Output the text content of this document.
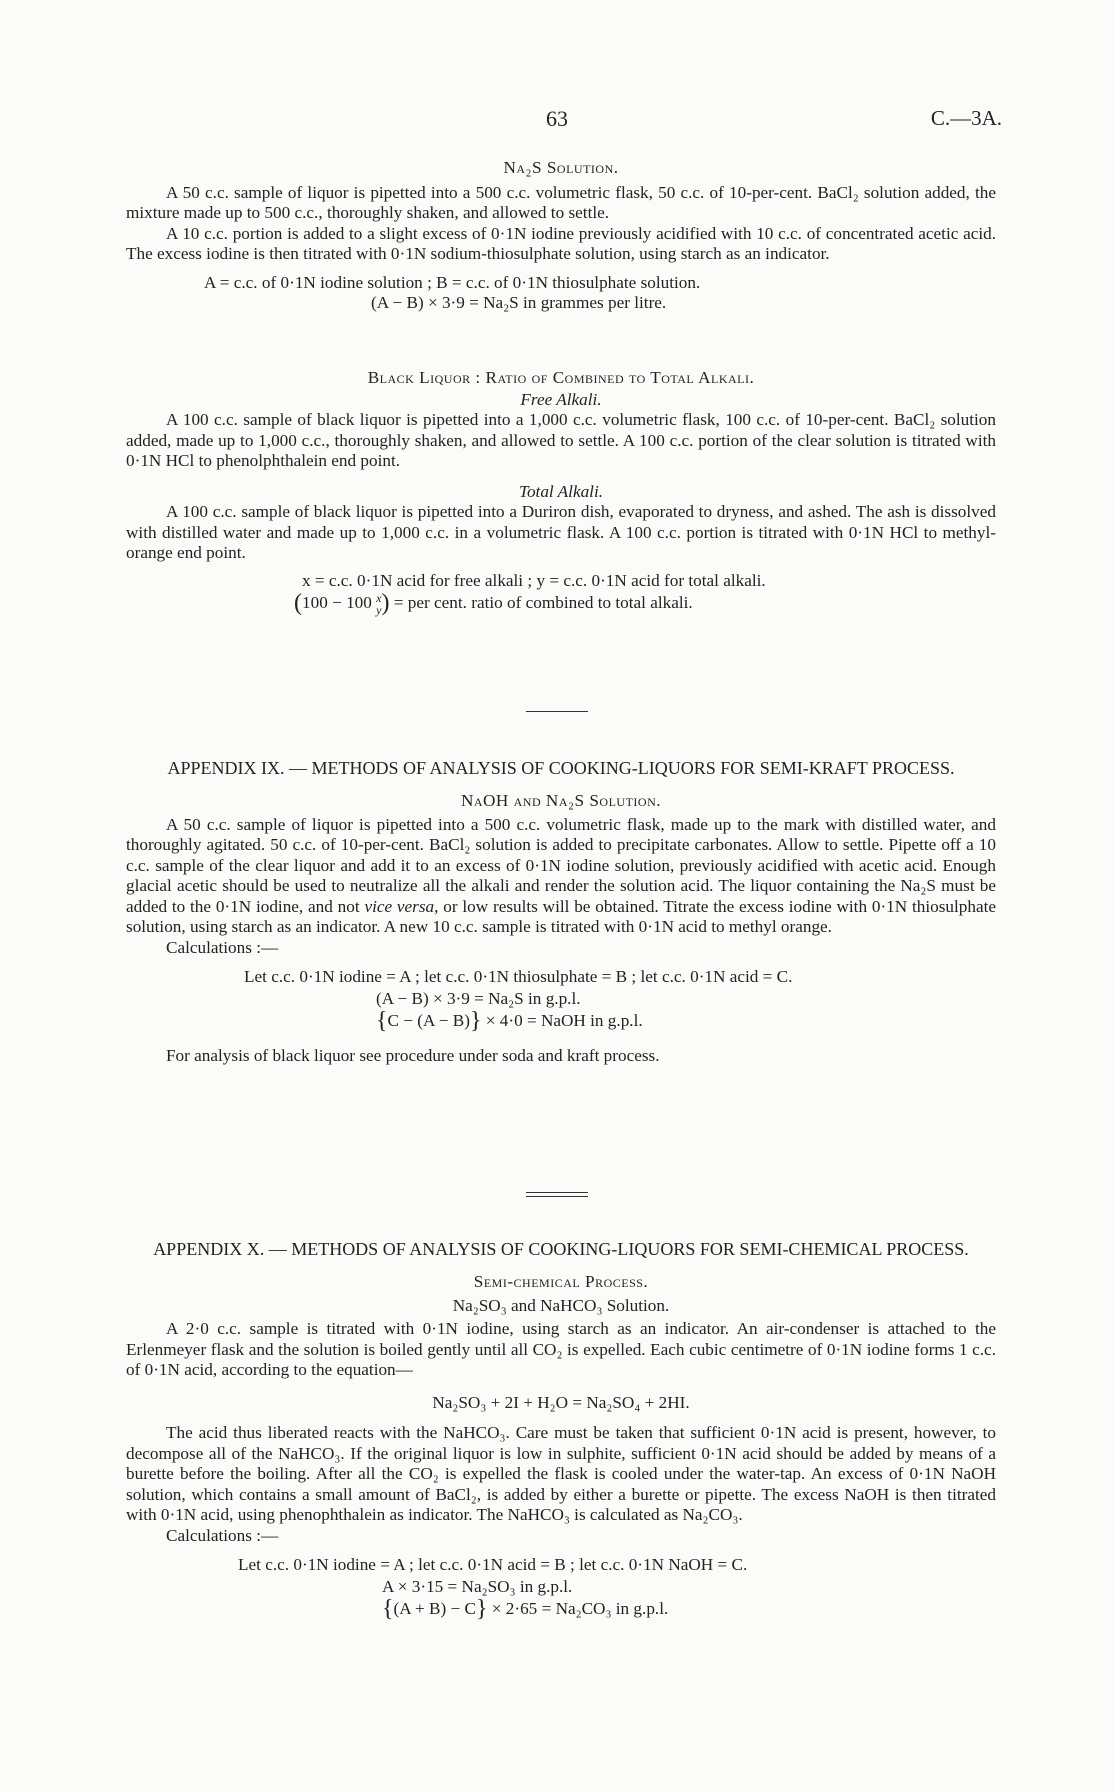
63	C.—3A.

Na₂S Solution.

A 50 c.c. sample of liquor is pipetted into a 500 c.c. volumetric flask, 50 c.c. of 10-per-cent. BaCl₂ solution added, the mixture made up to 500 c.c., thoroughly shaken, and allowed to settle.

A 10 c.c. portion is added to a slight excess of 0·1N iodine previously acidified with 10 c.c. of concentrated acetic acid. The excess iodine is then titrated with 0·1N sodium-thiosulphate solution, using starch as an indicator.

A = c.c. of 0·1N iodine solution ; B = c.c. of 0·1N thiosulphate solution.

(A − B) × 3·9 = Na₂S in grammes per litre.

Black Liquor : Ratio of Combined to Total Alkali.

Free Alkali.

A 100 c.c. sample of black liquor is pipetted into a 1,000 c.c. volumetric flask, 100 c.c. of 10-per-cent. BaCl₂ solution added, made up to 1,000 c.c., thoroughly shaken, and allowed to settle. A 100 c.c. portion of the clear solution is titrated with 0·1N HCl to phenolphthalein end point.

Total Alkali.

A 100 c.c. sample of black liquor is pipetted into a Duriron dish, evaporated to dryness, and ashed. The ash is dissolved with distilled water and made up to 1,000 c.c. in a volumetric flask. A 100 c.c. portion is titrated with 0·1N HCl to methyl-orange end point.

x = c.c. 0·1N acid for free alkali ; y = c.c. 0·1N acid for total alkali.

(100 − 100 x
y ) = per cent. ratio of combined to total alkali.

APPENDIX IX. — METHODS OF ANALYSIS OF COOKING-LIQUORS FOR SEMI-KRAFT PROCESS.

NaOH and Na₂S Solution.

A 50 c.c. sample of liquor is pipetted into a 500 c.c. volumetric flask, made up to the mark with distilled water, and thoroughly agitated. 50 c.c. of 10-per-cent. BaCl₂ solution is added to precipitate carbonates. Allow to settle. Pipette off a 10 c.c. sample of the clear liquor and add it to an excess of 0·1N iodine solution, previously acidified with acetic acid. Enough glacial acetic should be used to neutralize all the alkali and render the solution acid. The liquor containing the Na₂S must be added to the 0·1N iodine, and not vice versa, or low results will be obtained. Titrate the excess iodine with 0·1N thiosulphate solution, using starch as an indicator. A new 10 c.c. sample is titrated with 0·1N acid to methyl orange.

Calculations :—

Let c.c. 0·1N iodine = A ; let c.c. 0·1N thiosulphate = B ; let c.c. 0·1N acid = C.

(A − B) × 3·9 = Na₂S in g.p.l.

{C − (A − B)} × 4·0 = NaOH in g.p.l.

For analysis of black liquor see procedure under soda and kraft process.

APPENDIX X. — METHODS OF ANALYSIS OF COOKING-LIQUORS FOR SEMI-CHEMICAL PROCESS.

Semi-chemical Process.

Na₂SO₃ and NaHCO₃ Solution.

A 2·0 c.c. sample is titrated with 0·1N iodine, using starch as an indicator. An air-condenser is attached to the Erlenmeyer flask and the solution is boiled gently until all CO₂ is expelled. Each cubic centimetre of 0·1N iodine forms 1 c.c. of 0·1N acid, according to the equation—

Na₂SO₃ + 2I + H₂O = Na₂SO₄ + 2HI.

The acid thus liberated reacts with the NaHCO₃. Care must be taken that sufficient 0·1N acid is present, however, to decompose all of the NaHCO₃. If the original liquor is low in sulphite, sufficient 0·1N acid should be added by means of a burette before the boiling. After all the CO₂ is expelled the flask is cooled under the water-tap. An excess of 0·1N NaOH solution, which contains a small amount of BaCl₂, is added by either a burette or pipette. The excess NaOH is then titrated with 0·1N acid, using phenophthalein as indicator. The NaHCO₃ is calculated as Na₂CO₃.

Calculations :—

Let c.c. 0·1N iodine = A ; let c.c. 0·1N acid = B ; let c.c. 0·1N NaOH = C.

A × 3·15 = Na₂SO₃ in g.p.l.

{(A + B) − C} × 2·65 = Na₂CO₃ in g.p.l.
